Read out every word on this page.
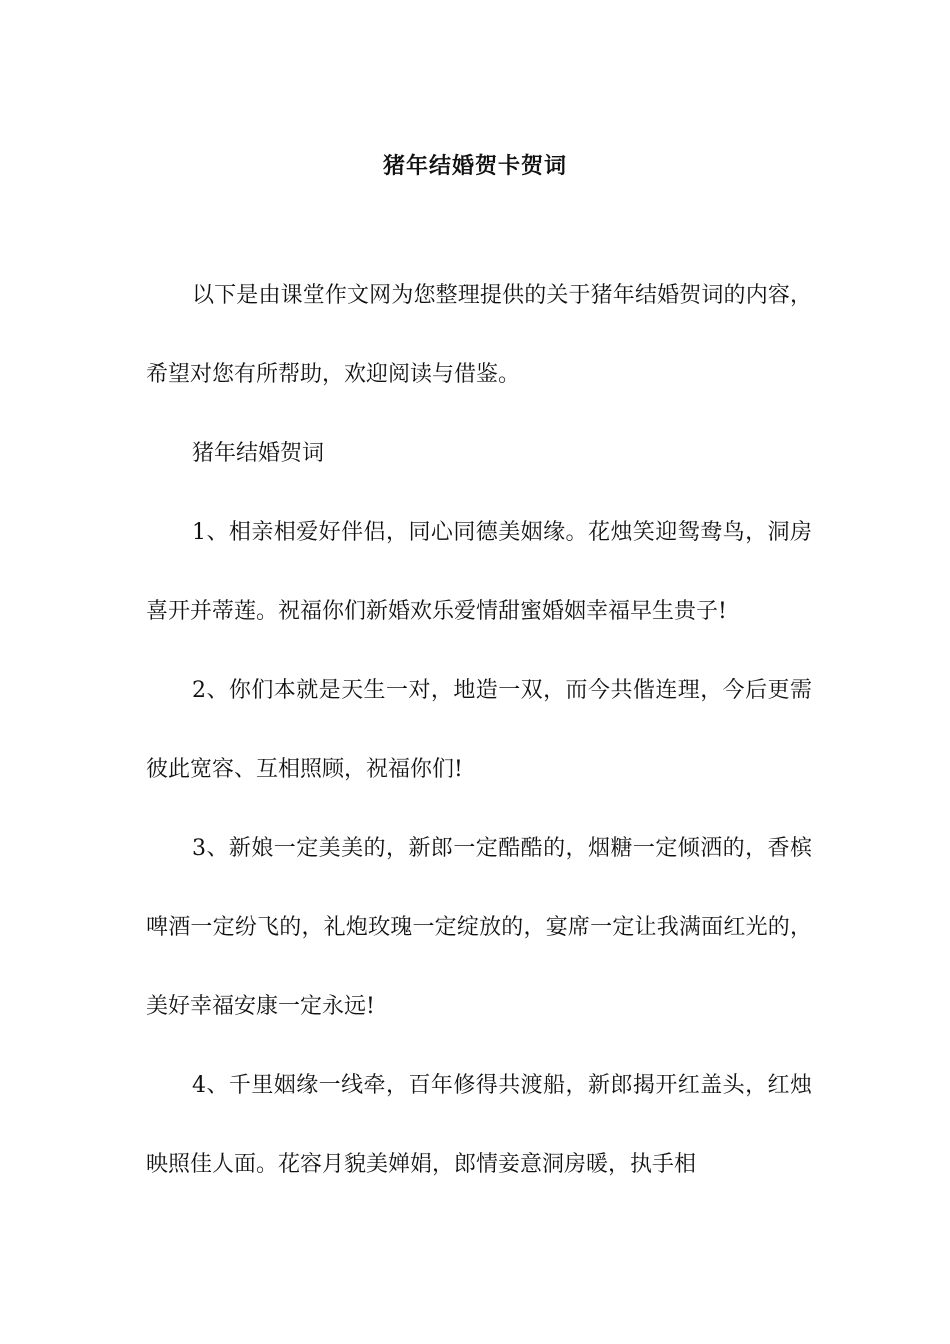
猪年结婚贺卡贺词

以下是由课堂作文网为您整理提供的关于猪年结婚贺词的内容，希望对您有所帮助，欢迎阅读与借鉴。

猪年结婚贺词

1、相亲相爱好伴侣，同心同德美姻缘。花烛笑迎鸳鸯鸟，洞房喜开并蒂莲。祝福你们新婚欢乐爱情甜蜜婚姻幸福早生贵子!

2、你们本就是天生一对，地造一双，而今共偕连理，今后更需彼此宽容、互相照顾，祝福你们!

3、新娘一定美美的，新郎一定酷酷的，烟糖一定倾洒的，香槟啤酒一定纷飞的，礼炮玫瑰一定绽放的，宴席一定让我满面红光的，美好幸福安康一定永远!

4、千里姻缘一线牵，百年修得共渡船，新郎揭开红盖头，红烛映照佳人面。花容月貌美婵娟，郎情妾意洞房暖，执手相
